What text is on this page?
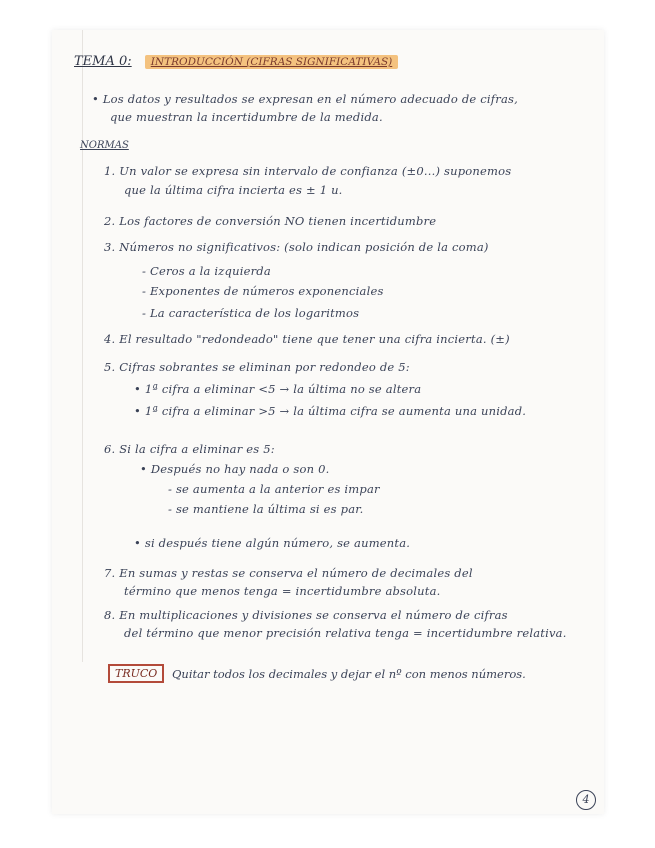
TEMA 0: INTRODUCCIÓN (CIFRAS SIGNIFICATIVAS)
• Los datos y resultados se expresan en el número adecuado de cifras,
que muestran la incertidumbre de la medida.
NORMAS
1. Un valor se expresa sin intervalo de confianza (±0...) suponemos
que la última cifra incierta es ± 1 u.
2. Los factores de conversión NO tienen incertidumbre
3. Números no significativos: (solo indican posición de la coma)
- Ceros a la izquierda
- Exponentes de números exponenciales
- La característica de los logaritmos
4. El resultado "redondeado" tiene que tener una cifra incierta. (±)
5. Cifras sobrantes se eliminan por redondeo de 5:
• 1ª cifra a eliminar <5 → la última no se altera
• 1ª cifra a eliminar >5 → la última cifra se aumenta una unidad.
6. Si la cifra a eliminar es 5:
• Después no hay nada o son 0.
- se aumenta a la anterior es impar
- se mantiene la última si es par.
• si después tiene algún número, se aumenta.
7. En sumas y restas se conserva el número de decimales del
término que menos tenga = incertidumbre absoluta.
8. En multiplicaciones y divisiones se conserva el número de cifras
del término que menor precisión relativa tenga = incertidumbre relativa.
TRUCO	Quitar todos los decimales y dejar el nº con menos números.
4
